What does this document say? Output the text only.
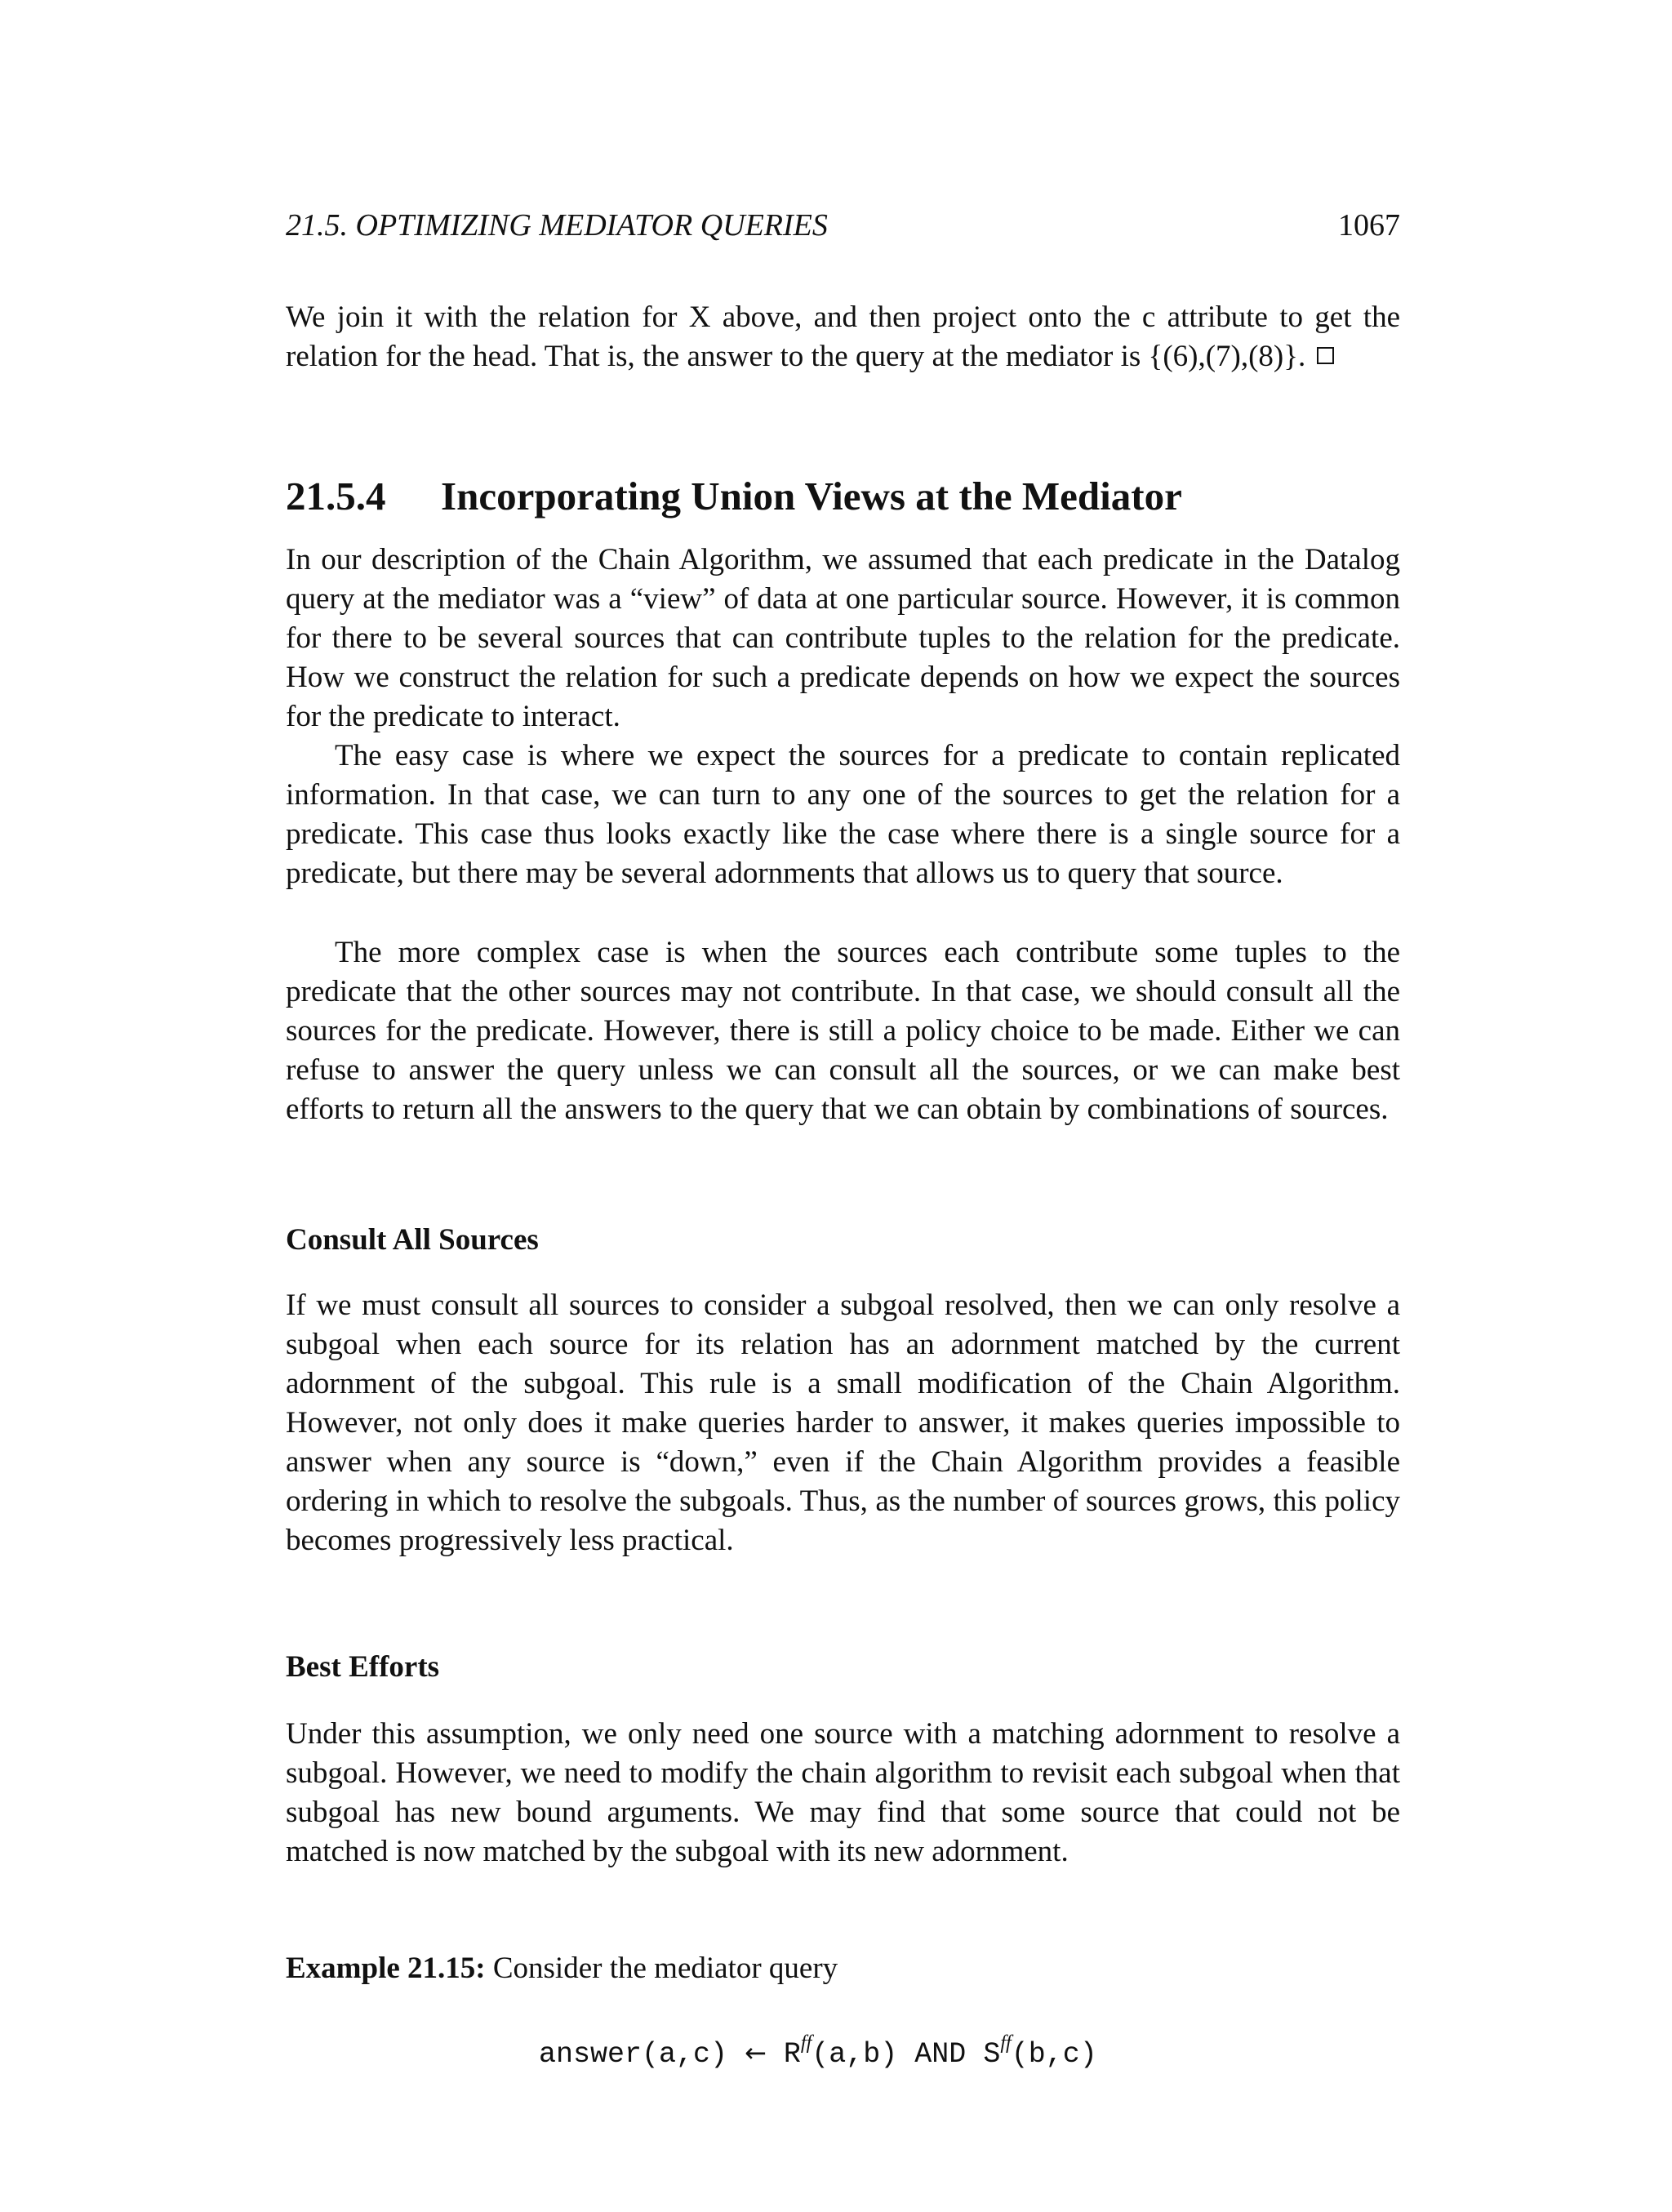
21.5. OPTIMIZING MEDIATOR QUERIES	1067

We join it with the relation for X above, and then project onto the c attribute to get the relation for the head. That is, the answer to the query at the mediator is {(6),(7),(8)}.

21.5.4 Incorporating Union Views at the Mediator

In our description of the Chain Algorithm, we assumed that each predicate in the Datalog query at the mediator was a “view” of data at one particular source. However, it is common for there to be several sources that can contribute tuples to the relation for the predicate. How we construct the relation for such a predicate depends on how we expect the sources for the predicate to interact.

The easy case is where we expect the sources for a predicate to contain replicated information. In that case, we can turn to any one of the sources to get the relation for a predicate. This case thus looks exactly like the case where there is a single source for a predicate, but there may be several adornments that allows us to query that source.

The more complex case is when the sources each contribute some tuples to the predicate that the other sources may not contribute. In that case, we should consult all the sources for the predicate. However, there is still a policy choice to be made. Either we can refuse to answer the query unless we can consult all the sources, or we can make best efforts to return all the answers to the query that we can obtain by combinations of sources.

Consult All Sources

If we must consult all sources to consider a subgoal resolved, then we can only resolve a subgoal when each source for its relation has an adornment matched by the current adornment of the subgoal. This rule is a small modification of the Chain Algorithm. However, not only does it make queries harder to answer, it makes queries impossible to answer when any source is “down,” even if the Chain Algorithm provides a feasible ordering in which to resolve the subgoals. Thus, as the number of sources grows, this policy becomes progressively less practical.

Best Efforts

Under this assumption, we only need one source with a matching adornment to resolve a subgoal. However, we need to modify the chain algorithm to revisit each subgoal when that subgoal has new bound arguments. We may find that some source that could not be matched is now matched by the subgoal with its new adornment.

Example 21.15: Consider the mediator query

answer(a,c) ← $R^{ff}(a,b)$ AND $S^{ff}(b,c)$
